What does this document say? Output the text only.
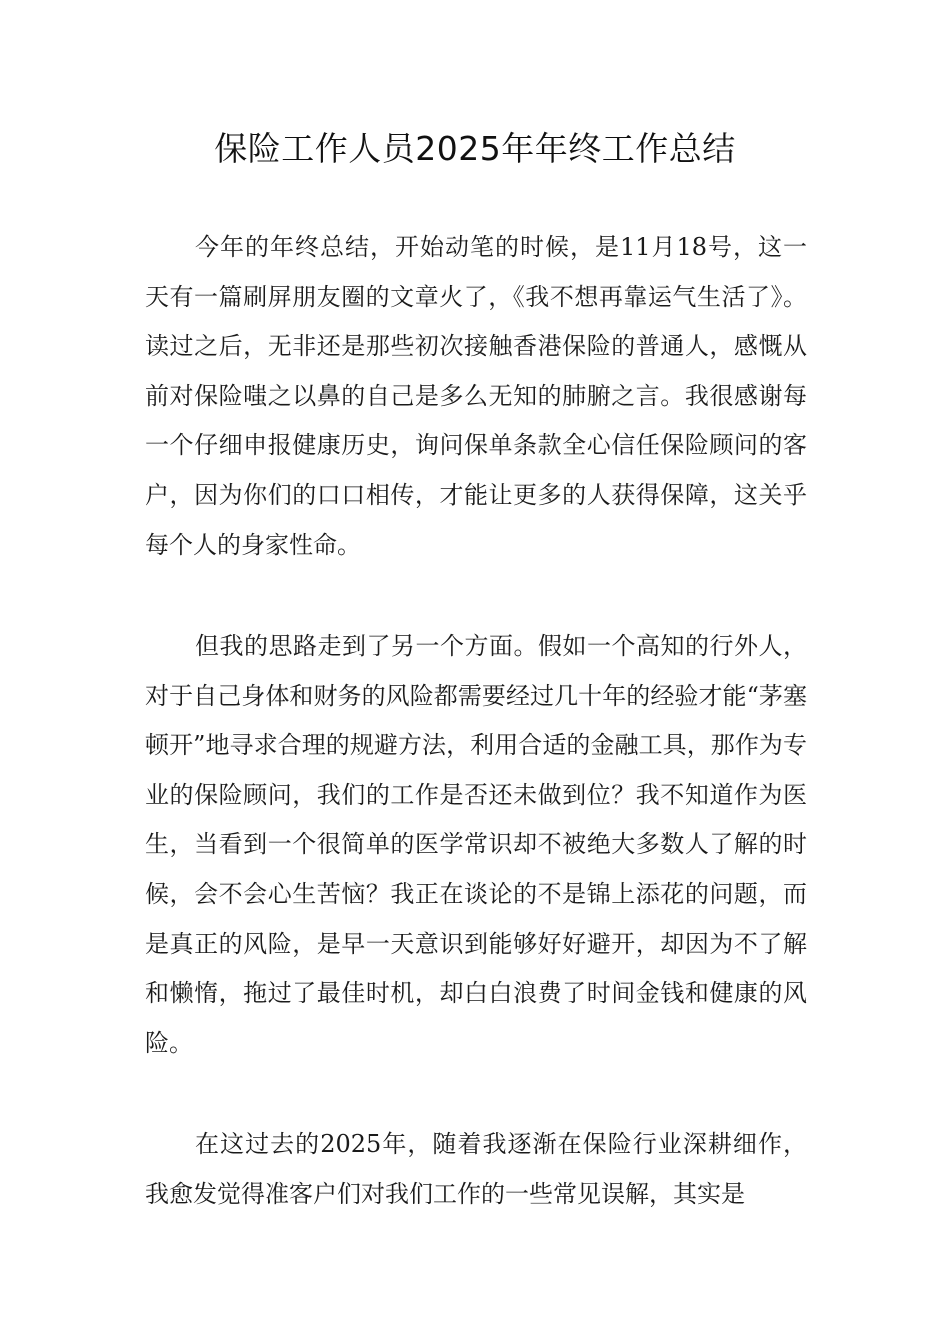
保险工作人员2025年年终工作总结

今年的年终总结，开始动笔的时候，是11月18号，这一天有一篇刷屏朋友圈的文章火了，《我不想再靠运气生活了》。读过之后，无非还是那些初次接触香港保险的普通人，感慨从前对保险嗤之以鼻的自己是多么无知的肺腑之言。我很感谢每一个仔细申报健康历史，询问保单条款全心信任保险顾问的客户，因为你们的口口相传，才能让更多的人获得保障，这关乎每个人的身家性命。

但我的思路走到了另一个方面。假如一个高知的行外人，对于自己身体和财务的风险都需要经过几十年的经验才能“茅塞顿开”地寻求合理的规避方法，利用合适的金融工具，那作为专业的保险顾问，我们的工作是否还未做到位？我不知道作为医生，当看到一个很简单的医学常识却不被绝大多数人了解的时候，会不会心生苦恼？我正在谈论的不是锦上添花的问题，而是真正的风险，是早一天意识到能够好好避开，却因为不了解和懒惰，拖过了最佳时机，却白白浪费了时间金钱和健康的风险。

在这过去的2025年，随着我逐渐在保险行业深耕细作，我愈发觉得准客户们对我们工作的一些常见误解，其实是
